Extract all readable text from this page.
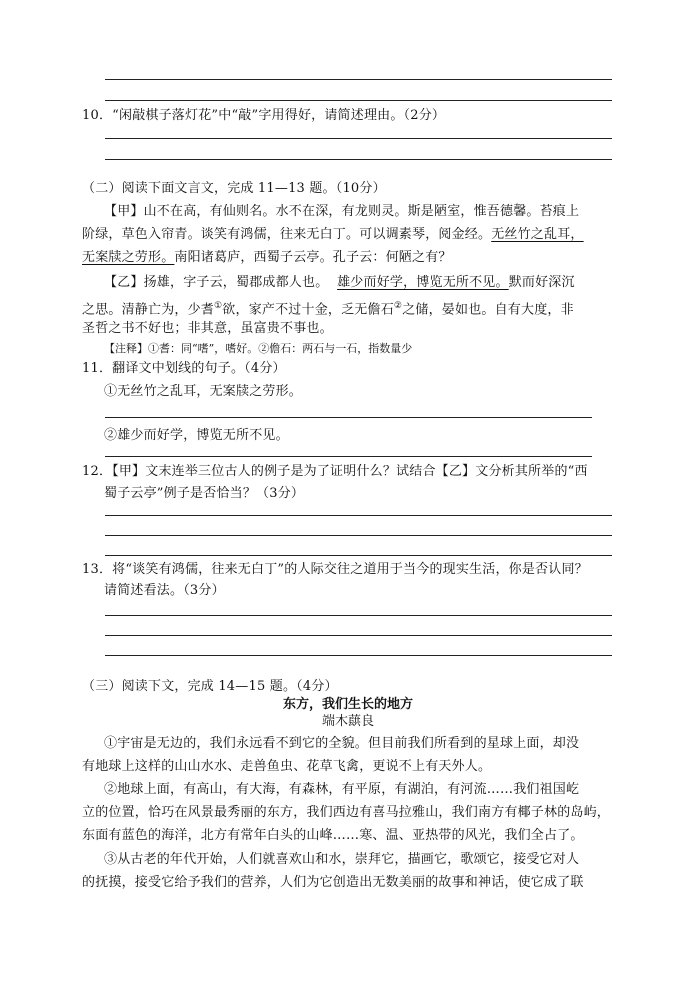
10．“闲敲棋子落灯花”中“敲”字用得好，请简述理由。（2分）
（二）阅读下面文言文，完成 11—13 题。（10分）
【甲】山不在高，有仙则名。水不在深，有龙则灵。斯是陋室，惟吾德馨。苔痕上
阶绿，草色入帘青。谈笑有鸿儒，往来无白丁。可以调素琴，阅金经。无丝竹之乱耳，
无案牍之劳形。南阳诸葛庐，西蜀子云亭。孔子云：何陋之有？
【乙】扬雄，字子云，蜀郡成都人也。 雄少而好学，博览无所不见。默而好深沉
之思。清静亡为，少耆①欲，家产不过十金，乏无儋石②之储，晏如也。自有大度，非
圣哲之书不好也；非其意，虽富贵不事也。
【注释】①耆：同“嗜”，嗜好。②儋石：两石与一石，指数量少
11．翻译文中划线的句子。（4分）
①无丝竹之乱耳，无案牍之劳形。
②雄少而好学，博览无所不见。
12．【甲】文末连举三位古人的例子是为了证明什么？试结合【乙】文分析其所举的“西
蜀子云亭”例子是否恰当？（3分）
13．将“谈笑有鸿儒，往来无白丁”的人际交往之道用于当今的现实生活，你是否认同？
请简述看法。（3分）
（三）阅读下文，完成 14—15 题。（4分）
东方，我们生长的地方
端木蕻良
①宇宙是无边的，我们永远看不到它的全貌。但目前我们所看到的星球上面，却没
有地球上这样的山山水水、走兽鱼虫、花草飞禽，更说不上有天外人。
②地球上面，有高山，有大海，有森林，有平原，有湖泊，有河流……我们祖国屹
立的位置，恰巧在风景最秀丽的东方，我们西边有喜马拉雅山，我们南方有椰子林的岛屿，
东面有蓝色的海洋，北方有常年白头的山峰……寒、温、亚热带的风光，我们全占了。
③从古老的年代开始，人们就喜欢山和水，崇拜它，描画它，歌颂它，接受它对人
的抚摸，接受它给予我们的营养，人们为它创造出无数美丽的故事和神话，使它成了联
